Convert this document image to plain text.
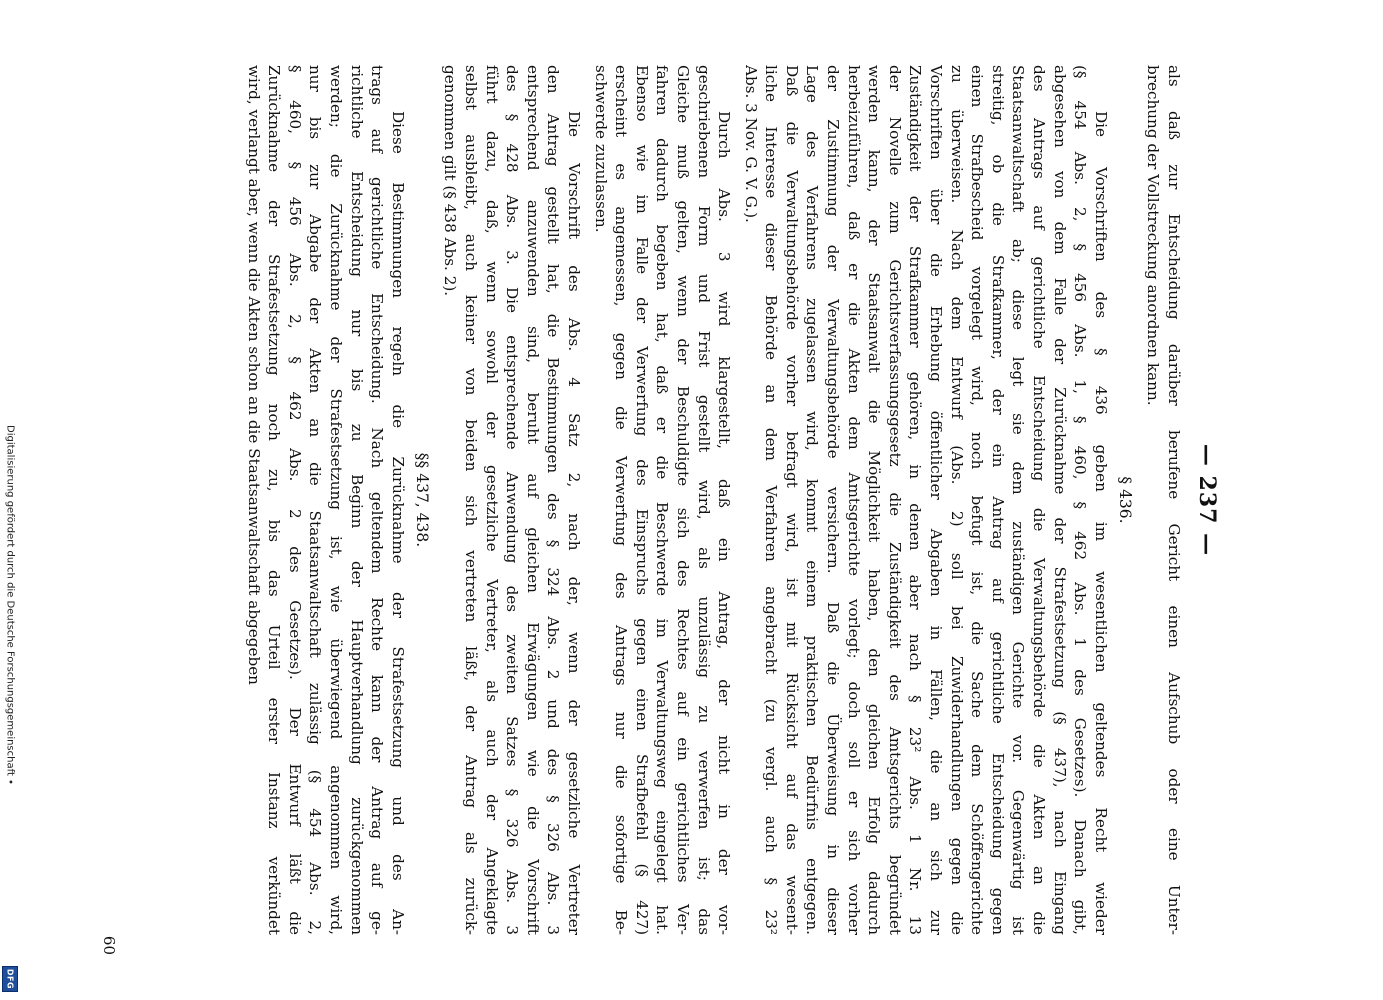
Digitalisierung gefördert durch die Deutsche Forschungsgemeinschaft •
DFG
— 237 —
als daß zur Entscheidung darüber berufene Gericht einen Aufschub oder eine Unter-
brechung der Vollstreckung anordnen kann.
§ 436.
Die Vorschriften des § 436 geben im wesentlichen geltendes Recht wieder
(§ 454 Abs. 2, § 456 Abs. 1, § 460, § 462 Abs. 1 des Gesetzes). Danach gibt,
abgesehen von dem Falle der Zurücknahme der Strafestsetzung (§ 437), nach Eingang
des Antrags auf gerichtliche Entscheidung die Verwaltungsbehörde die Akten an die
Staatsanwaltschaft ab; diese legt sie dem zuständigen Gerichte vor. Gegenwärtig ist
streitig, ob die Strafkammer, der ein Antrag auf gerichtliche Entscheidung gegen
einen Strafbescheid vorgelegt wird, noch befugt ist, die Sache dem Schöffengerichte
zu überweisen. Nach dem Entwurf (Abs. 2) soll bei Zuwiderhandlungen gegen die
Vorschriften über die Erhebung öffentlicher Abgaben in Fällen, die an sich zur
Zuständigkeit der Strafkammer gehören, in denen aber nach § 23² Abs. 1 Nr. 13
der Novelle zum Gerichtsverfassungsgesetz die Zuständigkeit des Amtsgerichts begründet
werden kann, der Staatsanwalt die Möglichkeit haben, den gleichen Erfolg dadurch
herbeizuführen, daß er die Akten dem Amtsgerichte vorlegt; doch soll er sich vorher
der Zustimmung der Verwaltungsbehörde versichern. Daß die Überweisung in dieser
Lage des Verfahrens zugelassen wird, kommt einem praktischen Bedürfnis entgegen.
Daß die Verwaltungsbehörde vorher befragt wird, ist mit Rücksicht auf das wesent-
liche Interesse dieser Behörde an dem Verfahren angebracht (zu vergl. auch § 23²
Abs. 3 Nov. G. V. G.).
Durch Abs. 3 wird klargestellt, daß ein Antrag, der nicht in der vor-
geschriebenen Form und Frist gestellt wird, als unzulässig zu verwerfen ist; das
Gleiche muß gelten, wenn der Beschuldigte sich des Rechtes auf ein gerichtliches Ver-
fahren dadurch begeben hat, daß er die Beschwerde im Verwaltungsweg eingelegt hat.
Ebenso wie im Falle der Verwerfung des Einspruchs gegen einen Strafbefehl (§ 427)
erscheint es angemessen, gegen die Verwerfung des Antrags nur die sofortige Be-
schwerde zuzulassen.
Die Vorschrift des Abs. 4 Satz 2, nach der, wenn der gesetzliche Vertreter
den Antrag gestellt hat, die Bestimmungen des § 324 Abs. 2 und des § 326 Abs. 3
entsprechend anzuwenden sind, beruht auf gleichen Erwägungen wie die Vorschrift
des § 428 Abs. 3. Die entsprechende Anwendung des zweiten Satzes § 326 Abs. 3
führt dazu, daß, wenn sowohl der gesetzliche Vertreter, als auch der Angeklagte
selbst ausbleibt, auch keiner von beiden sich vertreten läßt, der Antrag als zurück-
genommen gilt (§ 438 Abs. 2).
§§ 437, 438.
Diese Bestimmungen regeln die Zurücknahme der Strafestsetzung und des An-
trags auf gerichtliche Entscheidung. Nach geltendem Rechte kann der Antrag auf ge-
richtliche Entscheidung nur bis zu Beginn der Hauptverhandlung zurückgenommen
werden; die Zurücknahme der Strafestsetzung ist, wie überwiegend angenommen wird,
nur bis zur Abgabe der Akten an die Staatsanwaltschaft zulässig (§ 454 Abs. 2,
§ 460, § 456 Abs. 2, § 462 Abs. 2 des Gesetzes). Der Entwurf läßt die
Zurücknahme der Strafestsetzung noch zu, bis das Urteil erster Instanz verkündet
wird, verlangt aber, wenn die Akten schon an die Staatsanwaltschaft abgegeben
60
